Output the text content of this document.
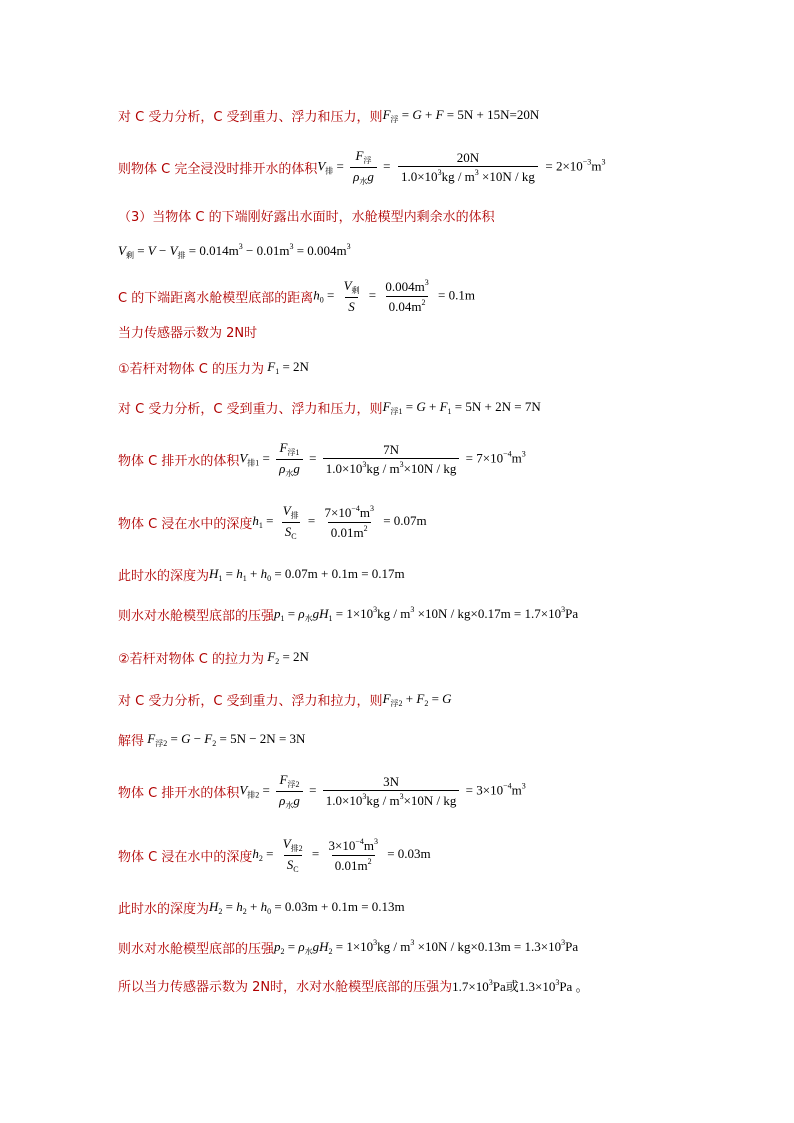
对 C 受力分析，C 受到重力、浮力和压力，则 $F_浮 = G + F = 5N + 15N=20N$
则物体 C 完全浸没时排开水的体积 $V_排 = \frac{F_浮}{\rho_水g} = \frac{20N}{1.0\times 10^3kg / m^3 \times 10N / kg} = 2\times 10^{-3}m^3$
（3）当物体 C 的下端刚好露出水面时，水舱模型内剩余水的体积
$V_剩 = V - V_排 = 0.014m^3 - 0.01m^3 = 0.004m^3$
C 的下端距离水舱模型底部的距离 $h_0 = \frac{V_剩}{S} = \frac{0.004m^3}{0.04m^2} = 0.1m$
当力传感器示数为 2N时
①若杆对物体 C 的压力为 $F_1 = 2N$
对 C 受力分析，C 受到重力、浮力和压力，则 $F_{浮1} = G + F_1 = 5N + 2N = 7N$
物体 C 排开水的体积 $V_{排1} = \frac{F_{浮1}}{\rho_水g} = \frac{7N}{1.0\times 10^3kg / m^3\times 10N / kg} = 7\times 10^{-4}m^3$
物体 C 浸在水中的深度 $h_1 = \frac{V_排}{S_C} = \frac{7\times 10^{-4}m^3}{0.01m^2} = 0.07m$
此时水的深度为 $H_1 = h_1 + h_0 = 0.07m + 0.1m = 0.17m$
则水对水舱模型底部的压强 $p_1 = \rho_水gH_1 = 1\times 10^3kg / m^3 \times 10N / kg\times 0.17m = 1.7\times 10^3Pa$
②若杆对物体 C 的拉力为 $F_2 = 2N$
对 C 受力分析，C 受到重力、浮力和拉力，则 $F_{浮2} + F_2 = G$
解得 $F_{浮2} = G - F_2 = 5N - 2N = 3N$
物体 C 排开水的体积 $V_{排2} = \frac{F_{浮2}}{\rho_水g} = \frac{3N}{1.0\times 10^3kg / m^3\times 10N / kg} = 3\times 10^{-4}m^3$
物体 C 浸在水中的深度 $h_2 = \frac{V_{排2}}{S_C} = \frac{3\times 10^{-4}m^3}{0.01m^2} = 0.03m$
此时水的深度为 $H_2 = h_2 + h_0 = 0.03m + 0.1m = 0.13m$
则水对水舱模型底部的压强 $p_2 = \rho_水gH_2 = 1\times 10^3kg / m^3 \times 10N / kg\times 0.13m = 1.3\times 10^3Pa$
所以当力传感器示数为 2N时，水对水舱模型底部的压强为 $1.7\times 10^3Pa$或$1.3\times 10^3Pa$ 。
